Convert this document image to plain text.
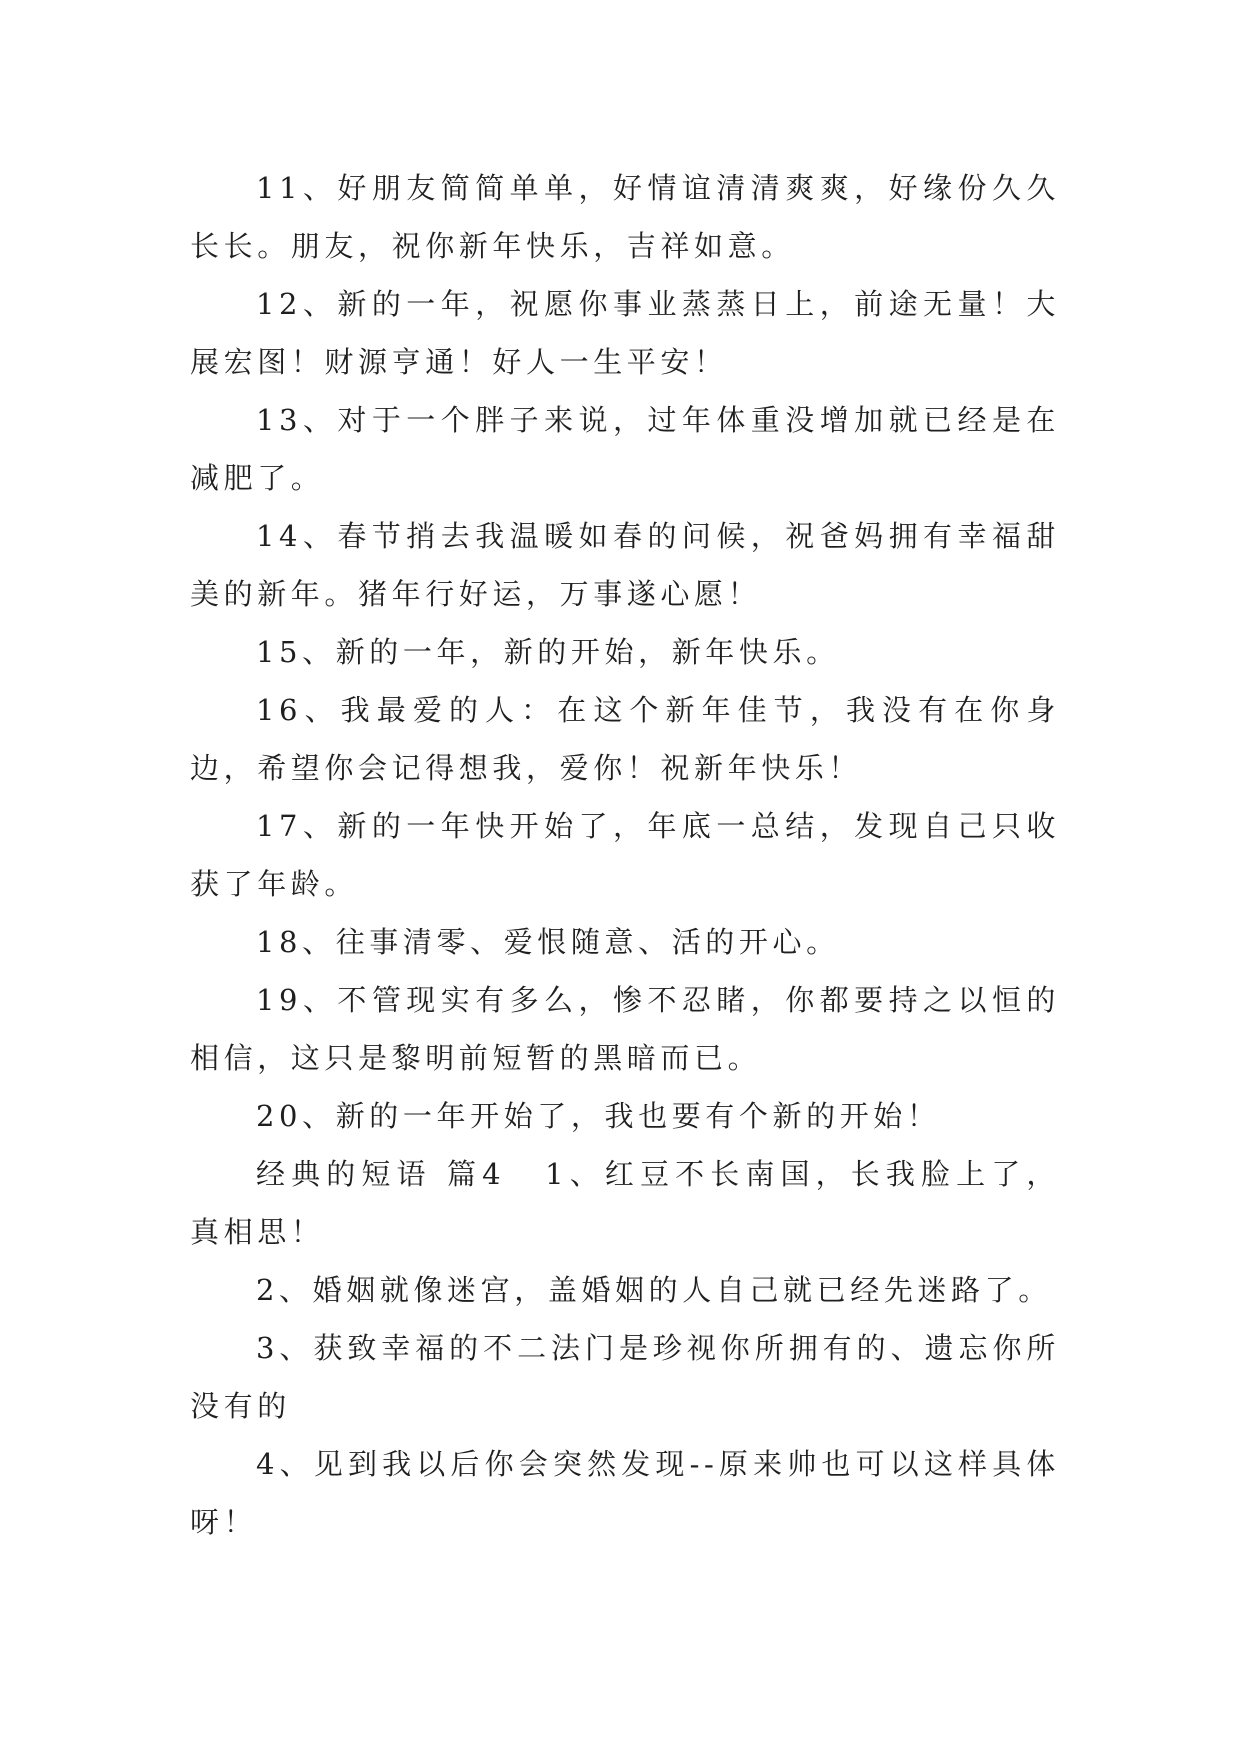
11、好朋友简简单单，好情谊清清爽爽，好缘份久久长长。朋友，祝你新年快乐，吉祥如意。

12、新的一年，祝愿你事业蒸蒸日上，前途无量！大展宏图！财源亨通！好人一生平安！

13、对于一个胖子来说，过年体重没增加就已经是在减肥了。

14、春节捎去我温暖如春的问候，祝爸妈拥有幸福甜美的新年。猪年行好运，万事遂心愿！

15、新的一年，新的开始，新年快乐。

16、我最爱的人：在这个新年佳节，我没有在你身边，希望你会记得想我，爱你！祝新年快乐！

17、新的一年快开始了，年底一总结，发现自己只收获了年龄。

18、往事清零、爱恨随意、活的开心。

19、不管现实有多么，惨不忍睹，你都要持之以恒的相信，这只是黎明前短暂的黑暗而已。

20、新的一年开始了，我也要有个新的开始！

经典的短语 篇4 1、红豆不长南国，长我脸上了，真相思！

2、婚姻就像迷宫，盖婚姻的人自己就已经先迷路了。

3、获致幸福的不二法门是珍视你所拥有的、遗忘你所没有的

4、见到我以后你会突然发现--原来帅也可以这样具体呀！
